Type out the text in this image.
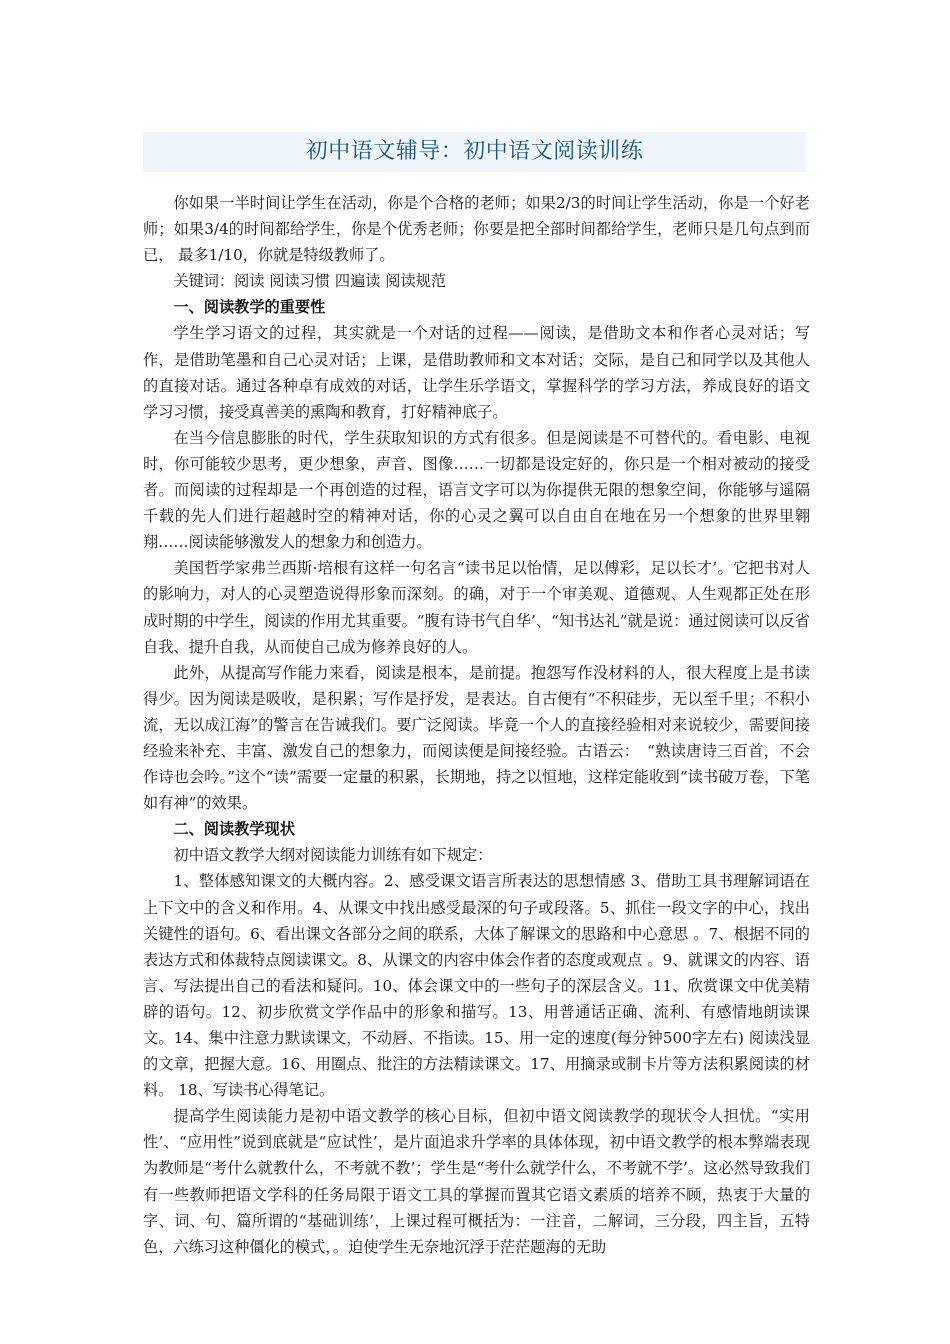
初中语文辅导：初中语文阅读训练

你如果一半时间让学生在活动，你是个合格的老师；如果2/3的时间让学生活动，你是一个好老师；如果3/4的时间都给学生，你是个优秀老师；你要是把全部时间都给学生，老师只是几句点到而已， 最多1/10，你就是特级教师了。

关键词：阅读 阅读习惯 四遍读 阅读规范

一、阅读教学的重要性

学生学习语文的过程，其实就是一个对话的过程——阅读，是借助文本和作者心灵对话；写作，是借助笔墨和自己心灵对话；上课，是借助教师和文本对话；交际，是自己和同学以及其他人的直接对话。通过各种卓有成效的对话，让学生乐学语文，掌握科学的学习方法，养成良好的语文学习习惯，接受真善美的熏陶和教育，打好精神底子。

在当今信息膨胀的时代，学生获取知识的方式有很多。但是阅读是不可替代的。看电影、电视时，你可能较少思考，更少想象，声音、图像……一切都是设定好的，你只是一个相对被动的接受者。而阅读的过程却是一个再创造的过程，语言文字可以为你提供无限的想象空间，你能够与遥隔千载的先人们进行超越时空的精神对话，你的心灵之翼可以自由自在地在另一个想象的世界里翱翔……阅读能够激发人的想象力和创造力。

美国哲学家弗兰西斯·培根有这样一句名言“读书足以怡情，足以傅彩，足以长才’。它把书对人的影响力，对人的心灵塑造说得形象而深刻。的确，对于一个审美观、道德观、人生观都正处在形成时期的中学生，阅读的作用尤其重要。“腹有诗书气自华’、“知书达礼”就是说：通过阅读可以反省自我、提升自我，从而使自己成为修养良好的人。

此外，从提高写作能力来看，阅读是根本，是前提。抱怨写作没材料的人，很大程度上是书读得少。因为阅读是吸收，是积累；写作是抒发，是表达。自古便有“不积硅步，无以至千里；不积小流，无以成江海”的警言在告诫我们。要广泛阅读。毕竟一个人的直接经验相对来说较少，需要间接经验来补充、丰富、激发自己的想象力，而阅读便是间接经验。古语云：　“熟读唐诗三百首，不会作诗也会吟。”这个“读”需要一定量的积累，长期地，持之以恒地，这样定能收到“读书破万卷，下笔如有神”的效果。

二、阅读教学现状

初中语文教学大纲对阅读能力训练有如下规定：

1、整体感知课文的大概内容。2、感受课文语言所表达的思想情感 3、借助工具书理解词语在上下文中的含义和作用。4、从课文中找出感受最深的句子或段落。5、抓住一段文字的中心，找出关键性的语句。6、看出课文各部分之间的联系，大体了解课文的思路和中心意思 。7、根据不同的表达方式和体裁特点阅读课文。8、从课文的内容中体会作者的态度或观点 。9、就课文的内容、语言、写法提出自己的看法和疑问。10、体会课文中的一些句子的深层含义。11、欣赏课文中优美精辟的语句。12、初步欣赏文学作品中的形象和描写。13、用普通话正确、流利、有感情地朗读课文。14、集中注意力默读课文，不动唇、不指读。15、用一定的速度(每分钟500字左右) 阅读浅显的文章，把握大意。16、用圈点、批注的方法精读课文。17、用摘录或制卡片等方法积累阅读的材料。 18、写读书心得笔记。

提高学生阅读能力是初中语文教学的核心目标，但初中语文阅读教学的现状令人担忧。“实用性’、“应用性”说到底就是“应试性’，是片面追求升学率的具体体现，初中语文教学的根本弊端表现为教师是“考什么就教什么，不考就不教’；学生是“考什么就学什么，不考就不学’。这必然导致我们有一些教师把语文学科的任务局限于语文工具的掌握而置其它语文素质的培养不顾，热衷于大量的字、词、句、篇所谓的“基础训练’，上课过程可概括为：一注音，二解词，三分段，四主旨，五特色，六练习这种僵化的模式，。迫使学生无奈地沉浮于茫茫题海的无助
